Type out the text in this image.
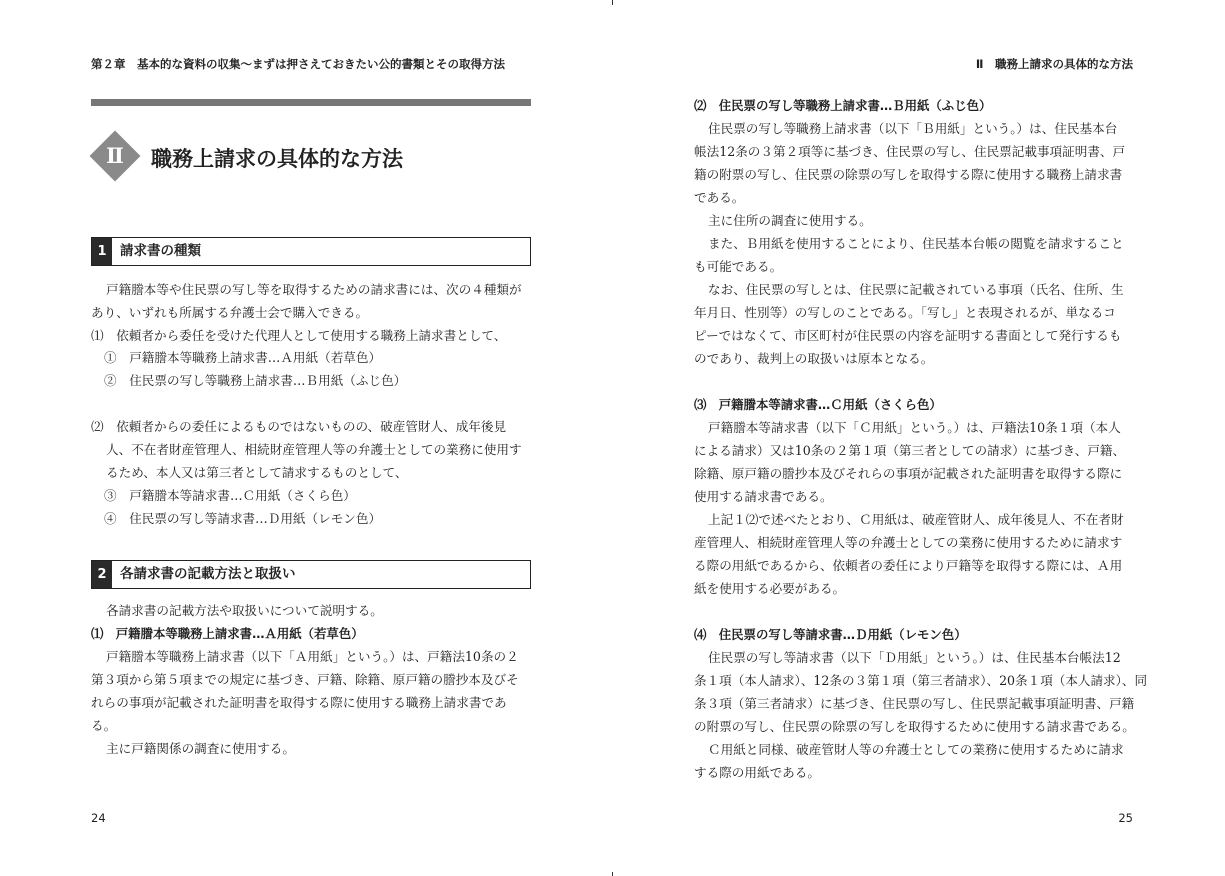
第２章　基本的な資料の収集〜まずは押さえておきたい公的書類とその取得方法
Ⅱ	職務上請求の具体的な方法
1 請求書の種類
戸籍謄本等や住民票の写し等を取得するための請求書には、次の４種類が
あり、いずれも所属する弁護士会で購入できる。
⑴　依頼者から委任を受けた代理人として使用する職務上請求書として、
①　戸籍謄本等職務上請求書…Ａ用紙（若草色）
②　住民票の写し等職務上請求書…Ｂ用紙（ふじ色）
⑵　依頼者からの委任によるものではないものの、破産管財人、成年後見
人、不在者財産管理人、相続財産管理人等の弁護士としての業務に使用す
るため、本人又は第三者として請求するものとして、
③　戸籍謄本等請求書…Ｃ用紙（さくら色）
④　住民票の写し等請求書…Ｄ用紙（レモン色）
2 各請求書の記載方法と取扱い
各請求書の記載方法や取扱いについて説明する。
⑴　戸籍謄本等職務上請求書…Ａ用紙（若草色）
戸籍謄本等職務上請求書（以下「Ａ用紙」という。）は、戸籍法10条の２
第３項から第５項までの規定に基づき、戸籍、除籍、原戸籍の謄抄本及びそ
れらの事項が記載された証明書を取得する際に使用する職務上請求書であ
る。
主に戸籍関係の調査に使用する。
24
Ⅱ　職務上請求の具体的な方法
⑵　住民票の写し等職務上請求書…Ｂ用紙（ふじ色）
住民票の写し等職務上請求書（以下「Ｂ用紙」という。）は、住民基本台
帳法12条の３第２項等に基づき、住民票の写し、住民票記載事項証明書、戸
籍の附票の写し、住民票の除票の写しを取得する際に使用する職務上請求書
である。
主に住所の調査に使用する。
また、Ｂ用紙を使用することにより、住民基本台帳の閲覧を請求すること
も可能である。
なお、住民票の写しとは、住民票に記載されている事項（氏名、住所、生
年月日、性別等）の写しのことである。「写し」と表現されるが、単なるコ
ピーではなくて、市区町村が住民票の内容を証明する書面として発行するも
のであり、裁判上の取扱いは原本となる。
⑶　戸籍謄本等請求書…Ｃ用紙（さくら色）
戸籍謄本等請求書（以下「Ｃ用紙」という。）は、戸籍法10条１項（本人
による請求）又は10条の２第１項（第三者としての請求）に基づき、戸籍、
除籍、原戸籍の謄抄本及びそれらの事項が記載された証明書を取得する際に
使用する請求書である。
上記１⑵で述べたとおり、Ｃ用紙は、破産管財人、成年後見人、不在者財
産管理人、相続財産管理人等の弁護士としての業務に使用するために請求す
る際の用紙であるから、依頼者の委任により戸籍等を取得する際には、Ａ用
紙を使用する必要がある。
⑷　住民票の写し等請求書…Ｄ用紙（レモン色）
住民票の写し等請求書（以下「Ｄ用紙」という。）は、住民基本台帳法12
条１項（本人請求）、12条の３第１項（第三者請求）、20条１項（本人請求）、同
条３項（第三者請求）に基づき、住民票の写し、住民票記載事項証明書、戸籍
の附票の写し、住民票の除票の写しを取得するために使用する請求書である。
Ｃ用紙と同様、破産管財人等の弁護士としての業務に使用するために請求
する際の用紙である。
25
